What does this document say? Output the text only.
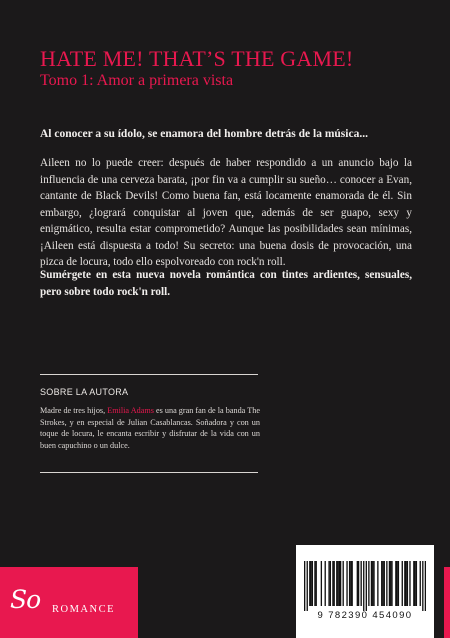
HATE ME! THAT’S THE GAME!
Tomo 1: Amor a primera vista

Al conocer a su ídolo, se enamora del hombre detrás de la música...

Aileen no lo puede creer: después de haber respondido a un anuncio bajo la influencia de una cerveza barata, ¡por fin va a cumplir su sueño… conocer a Evan, cantante de Black Devils! Como buena fan, está locamente enamorada de él. Sin embargo, ¿logrará conquistar al joven que, además de ser guapo, sexy y enigmático, resulta estar comprometido? Aunque las posibilidades sean mínimas, ¡Aileen está dispuesta a todo! Su secreto: una buena dosis de provocación, una pizca de locura, todo ello espolvoreado con rock'n roll.

Sumérgete en esta nueva novela romántica con tintes ardientes, sensuales, pero sobre todo rock'n roll.

SOBRE LA AUTORA

Madre de tres hijos, Emilia Adams es una gran fan de la banda The Strokes, y en especial de Julian Casablancas. Soñadora y con un toque de locura, le encanta escribir y disfrutar de la vida con un buen capuchino o un dulce.

So ROMANCE
9 782390 454090
